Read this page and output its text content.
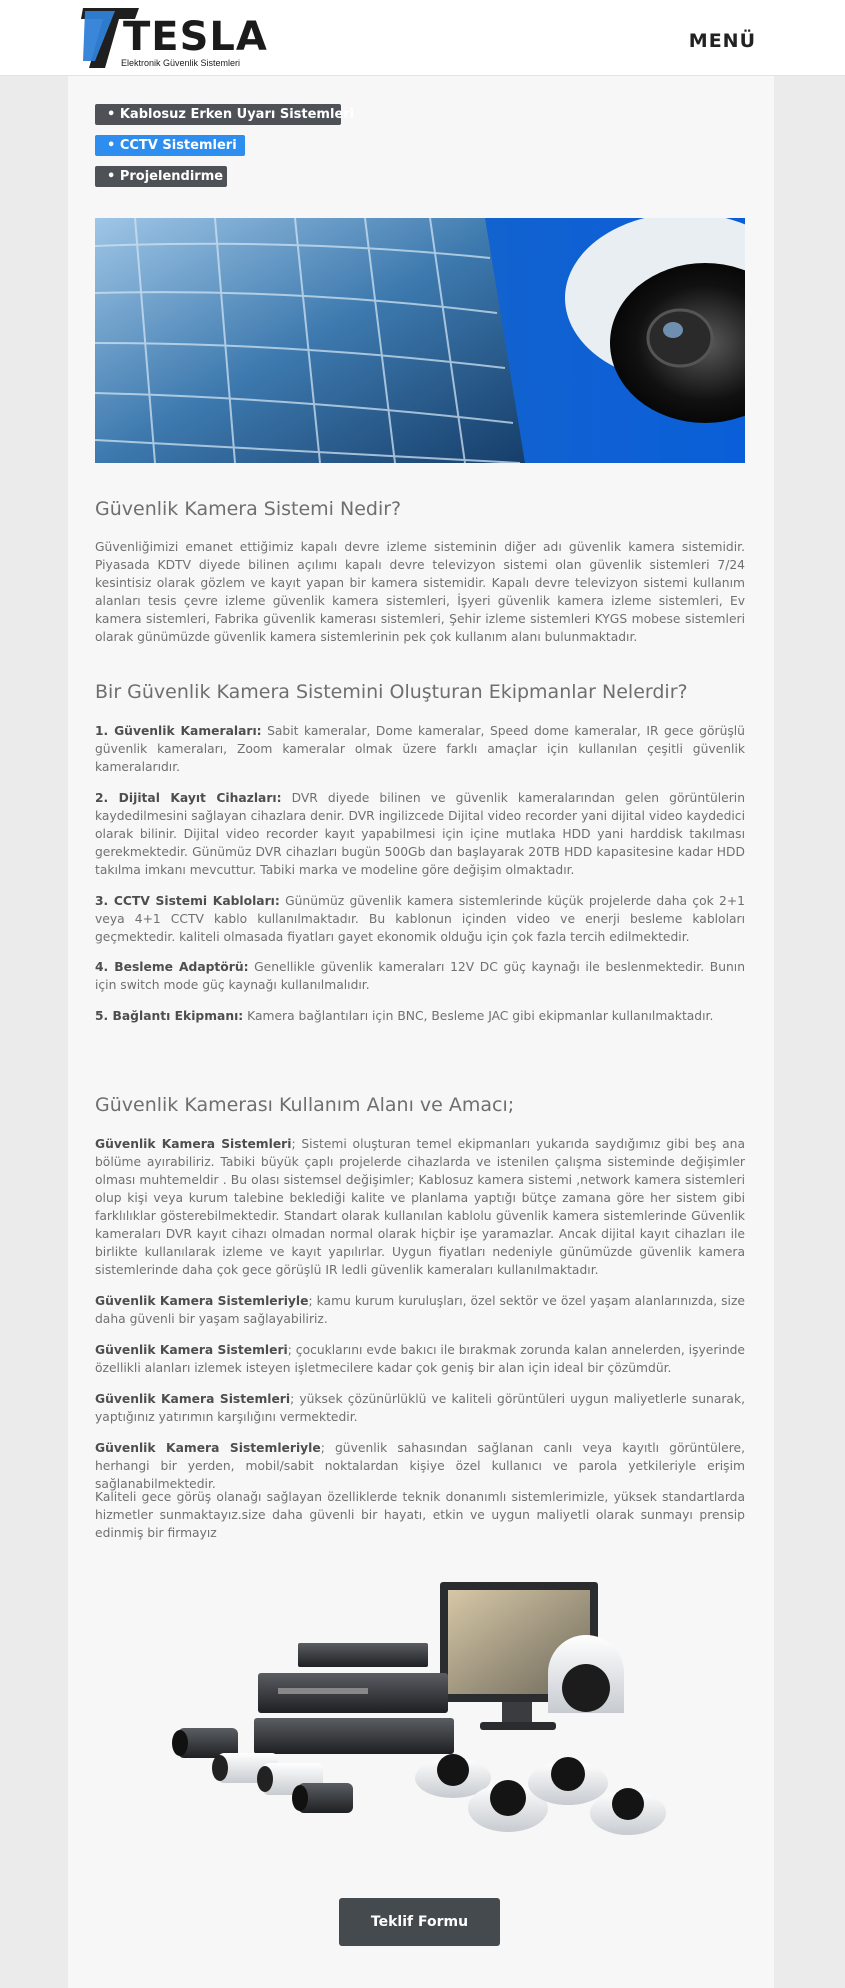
TESLA
Elektronik Güvenlik Sistemleri
MENÜ
• Kablosuz Erken Uyarı Sistemleri
• CCTV Sistemleri
• Projelendirme
Güvenlik Kamera Sistemi Nedir?

Güvenliğimizi emanet ettiğimiz kapalı devre izleme sisteminin diğer adı güvenlik kamera sistemidir. Piyasada KDTV diyede bilinen açılımı kapalı devre televizyon sistemi olan güvenlik sistemleri 7/24 kesintisiz olarak gözlem ve kayıt yapan bir kamera sistemidir. Kapalı devre televizyon sistemi kullanım alanları tesis çevre izleme güvenlik kamera sistemleri, İşyeri güvenlik kamera izleme sistemleri, Ev kamera sistemleri, Fabrika güvenlik kamerası sistemleri, Şehir izleme sistemleri KYGS mobese sistemleri olarak günümüzde güvenlik kamera sistemlerinin pek çok kullanım alanı bulunmaktadır.

Bir Güvenlik Kamera Sistemini Oluşturan Ekipmanlar Nelerdir?

1. Güvenlik Kameraları: Sabit kameralar, Dome kameralar, Speed dome kameralar, IR gece görüşlü güvenlik kameraları, Zoom kameralar olmak üzere farklı amaçlar için kullanılan çeşitli güvenlik kameralarıdır.

2. Dijital Kayıt Cihazları: DVR diyede bilinen ve güvenlik kameralarından gelen görüntülerin kaydedilmesini sağlayan cihazlara denir. DVR ingilizcede Dijital video recorder yani dijital video kaydedici olarak bilinir. Dijital video recorder kayıt yapabilmesi için içine mutlaka HDD yani harddisk takılması gerekmektedir. Günümüz DVR cihazları bugün 500Gb dan başlayarak 20TB HDD kapasitesine kadar HDD takılma imkanı mevcuttur. Tabiki marka ve modeline göre değişim olmaktadır.

3. CCTV Sistemi Kabloları: Günümüz güvenlik kamera sistemlerinde küçük projelerde daha çok 2+1 veya 4+1 CCTV kablo kullanılmaktadır. Bu kablonun içinden video ve enerji besleme kabloları geçmektedir. kaliteli olmasada fiyatları gayet ekonomik olduğu için çok fazla tercih edilmektedir.

4. Besleme Adaptörü: Genellikle güvenlik kameraları 12V DC güç kaynağı ile beslenmektedir. Bunın için switch mode güç kaynağı kullanılmalıdır.

5. Bağlantı Ekipmanı: Kamera bağlantıları için BNC, Besleme JAC gibi ekipmanlar kullanılmaktadır.

Güvenlik Kamerası Kullanım Alanı ve Amacı;

Güvenlik Kamera Sistemleri; Sistemi oluşturan temel ekipmanları yukarıda saydığımız gibi beş ana bölüme ayırabiliriz. Tabiki büyük çaplı projelerde cihazlarda ve istenilen çalışma sisteminde değişimler olması muhtemeldir . Bu olası sistemsel değişimler; Kablosuz kamera sistemi ,network kamera sistemleri olup kişi veya kurum talebine beklediği kalite ve planlama yaptığı bütçe zamana göre her sistem gibi farklılıklar gösterebilmektedir. Standart olarak kullanılan kablolu güvenlik kamera sistemlerinde Güvenlik kameraları DVR kayıt cihazı olmadan normal olarak hiçbir işe yaramazlar. Ancak dijital kayıt cihazları ile birlikte kullanılarak izleme ve kayıt yapılırlar. Uygun fiyatları nedeniyle günümüzde güvenlik kamera sistemlerinde daha çok gece görüşlü IR ledli güvenlik kameraları kullanılmaktadır.

Güvenlik Kamera Sistemleriyle; kamu kurum kuruluşları, özel sektör ve özel yaşam alanlarınızda, size daha güvenli bir yaşam sağlayabiliriz.

Güvenlik Kamera Sistemleri; çocuklarını evde bakıcı ile bırakmak zorunda kalan annelerden, işyerinde özellikli alanları izlemek isteyen işletmecilere kadar çok geniş bir alan için ideal bir çözümdür.

Güvenlik Kamera Sistemleri; yüksek çözünürlüklü ve kaliteli görüntüleri uygun maliyetlerle sunarak, yaptığınız yatırımın karşılığını vermektedir.

Güvenlik Kamera Sistemleriyle; güvenlik sahasından sağlanan canlı veya kayıtlı görüntülere, herhangi bir yerden, mobil/sabit noktalardan kişiye özel kullanıcı ve parola yetkileriyle erişim sağlanabilmektedir.

Kaliteli gece görüş olanağı sağlayan özelliklerde teknik donanımlı sistemlerimizle, yüksek standartlarda hizmetler sunmaktayız.size daha güvenli bir hayatı, etkin ve uygun maliyetli olarak sunmayı prensip edinmiş bir firmayız

Teklif Formu
